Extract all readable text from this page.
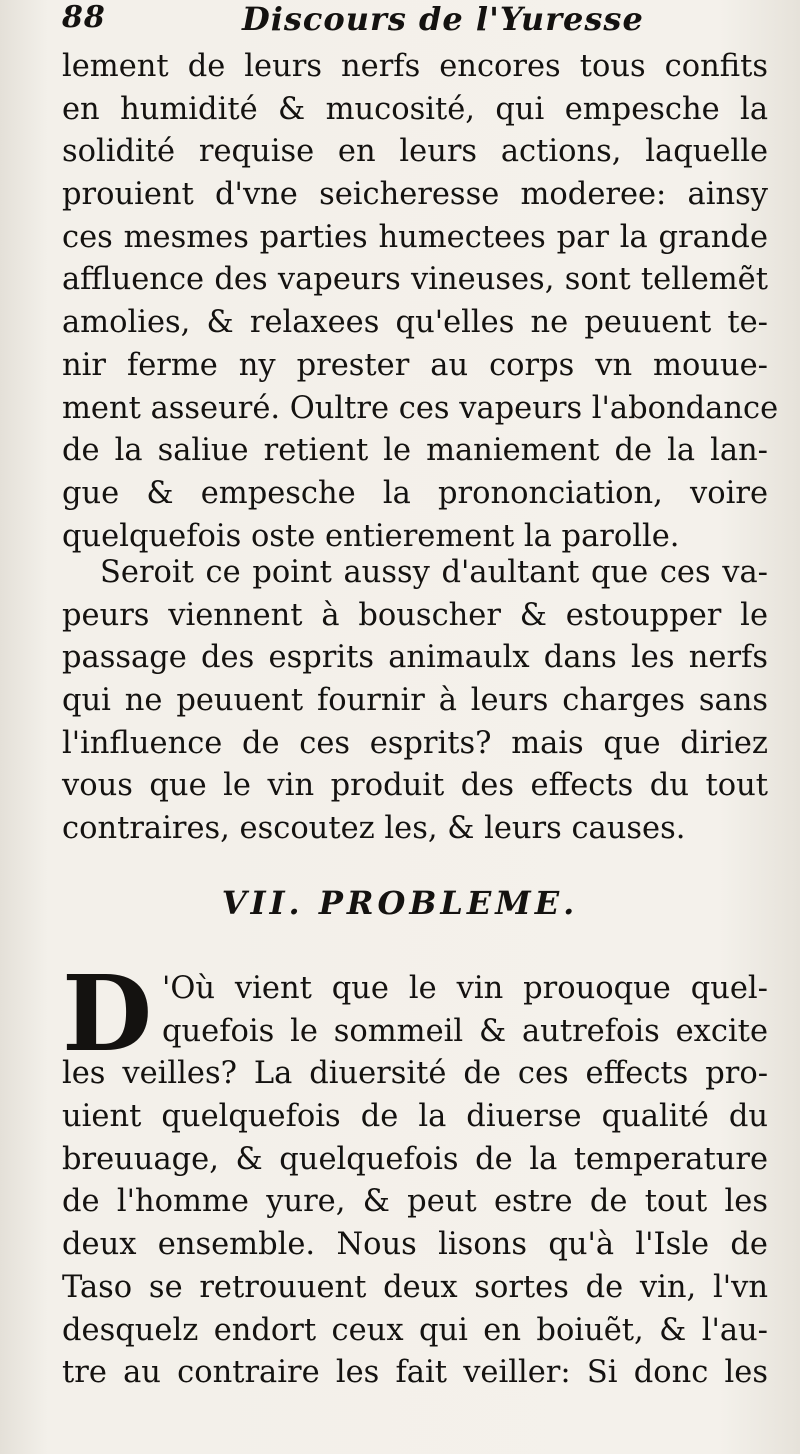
88	Discours de l'Yuresse
lement de leurs nerfs encores tous confits
en humidité & mucosité, qui empesche la
solidité requise en leurs actions, laquelle
prouient d'vne seicheresse moderee: ainsy
ces mesmes parties humectees par la grande
affluence des vapeurs vineuses, sont tellemẽt
amolies, & relaxees qu'elles ne peuuent te-
nir ferme ny prester au corps vn mouue-
ment asseuré. Oultre ces vapeurs l'abondance
de la saliue retient le maniement de la lan-
gue & empesche la prononciation, voire
quelquefois oste entierement la parolle.
Seroit ce point aussy d'aultant que ces va-
peurs viennent à bouscher & estoupper le
passage des esprits animaulx dans les nerfs
qui ne peuuent fournir à leurs charges sans
l'influence de ces esprits? mais que diriez
vous que le vin produit des effects du tout
contraires, escoutez les, & leurs causes.
VII. PROBLEME.
D 'Où vient que le vin prouoque quel-
quefois le sommeil & autrefois excite
les veilles? La diuersité de ces effects pro-
uient quelquefois de la diuerse qualité du
breuuage, & quelquefois de la temperature
de l'homme yure, & peut estre de tout les
deux ensemble. Nous lisons qu'à l'Isle de
Taso se retrouuent deux sortes de vin, l'vn
desquelz endort ceux qui en boiuẽt, & l'au-
tre au contraire les fait veiller: Si donc les
